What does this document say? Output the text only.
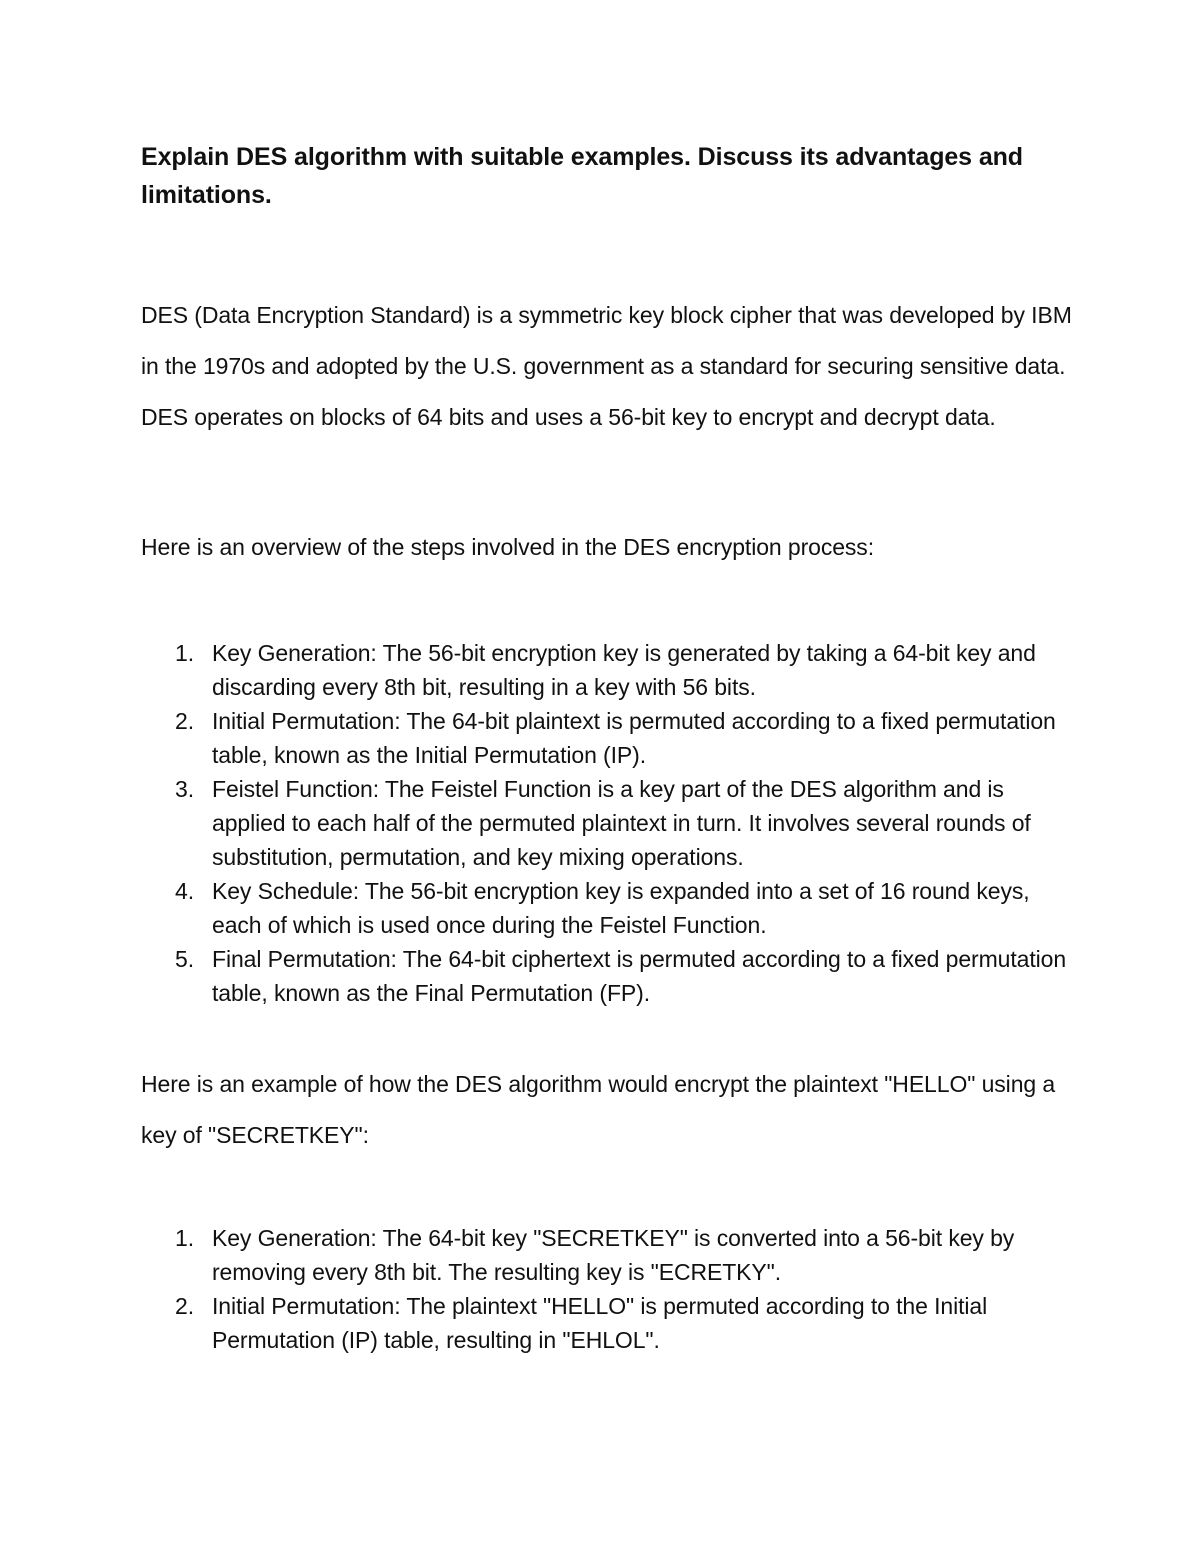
Explain DES algorithm with suitable examples. Discuss its advantages and limitations.

DES (Data Encryption Standard) is a symmetric key block cipher that was developed by IBM in the 1970s and adopted by the U.S. government as a standard for securing sensitive data. DES operates on blocks of 64 bits and uses a 56-bit key to encrypt and decrypt data.

Here is an overview of the steps involved in the DES encryption process:

1. Key Generation: The 56-bit encryption key is generated by taking a 64-bit key and discarding every 8th bit, resulting in a key with 56 bits.
2. Initial Permutation: The 64-bit plaintext is permuted according to a fixed permutation table, known as the Initial Permutation (IP).
3. Feistel Function: The Feistel Function is a key part of the DES algorithm and is applied to each half of the permuted plaintext in turn. It involves several rounds of substitution, permutation, and key mixing operations.
4. Key Schedule: The 56-bit encryption key is expanded into a set of 16 round keys, each of which is used once during the Feistel Function.
5. Final Permutation: The 64-bit ciphertext is permuted according to a fixed permutation table, known as the Final Permutation (FP).

Here is an example of how the DES algorithm would encrypt the plaintext "HELLO" using a key of "SECRETKEY":

1. Key Generation: The 64-bit key "SECRETKEY" is converted into a 56-bit key by removing every 8th bit. The resulting key is "ECRETKY".
2. Initial Permutation: The plaintext "HELLO" is permuted according to the Initial Permutation (IP) table, resulting in "EHLOL".
